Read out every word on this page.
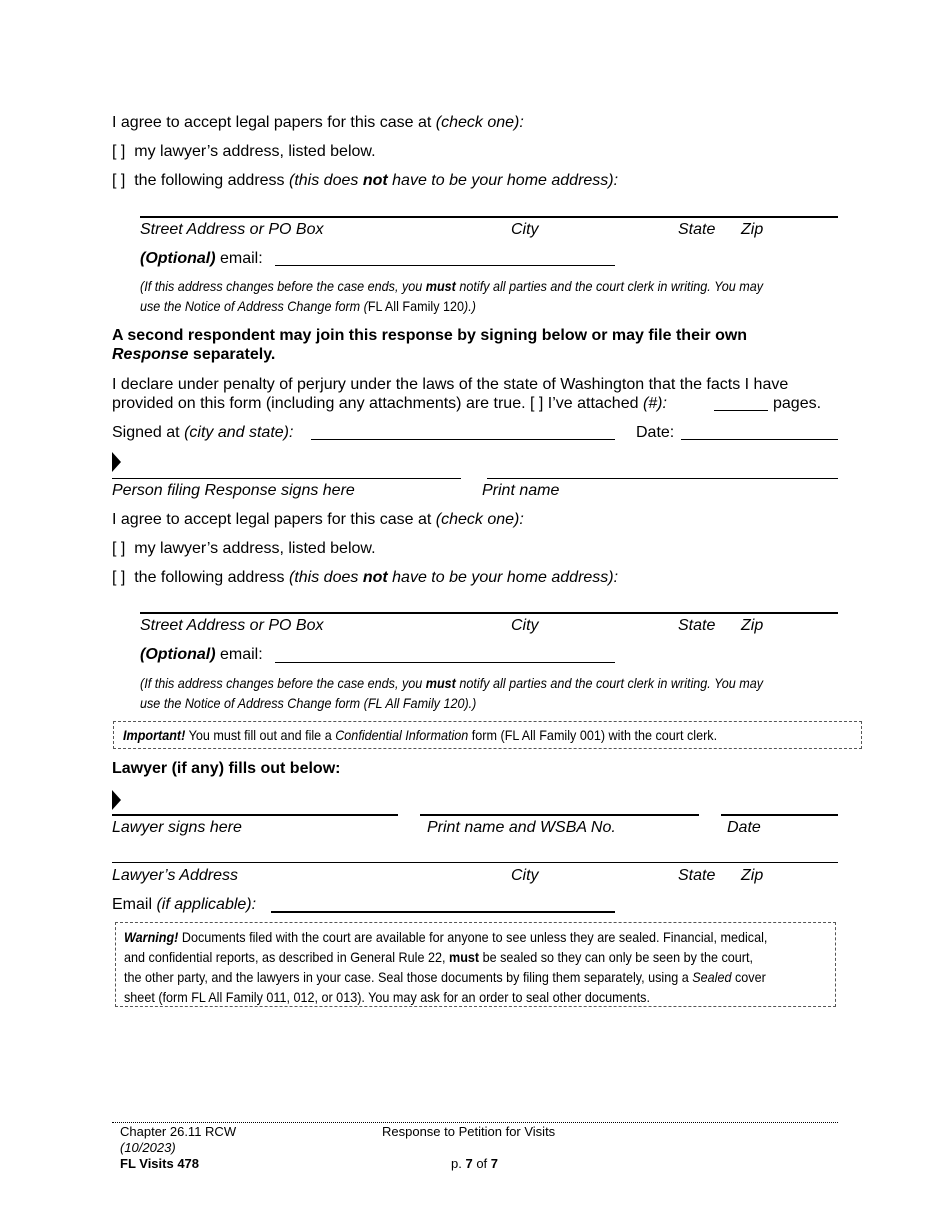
I agree to accept legal papers for this case at (check one):
[ ] my lawyer’s address, listed below.
[ ] the following address (this does not have to be your home address):
Street Address or PO Box	City	State Zip
(Optional) email:
(If this address changes before the case ends, you must notify all parties and the court clerk in writing. You may
use the Notice of Address Change form (FL All Family 120).)
A second respondent may join this response by signing below or may file their own
Response separately.
I declare under penalty of perjury under the laws of the state of Washington that the facts I have
provided on this form (including any attachments) are true. [ ] I’ve attached (#):	pages.
Signed at (city and state):	Date:
Person filing Response signs here	Print name
I agree to accept legal papers for this case at (check one):
[ ] my lawyer’s address, listed below.
[ ] the following address (this does not have to be your home address):
Street Address or PO Box	City	State Zip
(Optional) email:
(If this address changes before the case ends, you must notify all parties and the court clerk in writing. You may
use the Notice of Address Change form (FL All Family 120).)
Important! You must fill out and file a Confidential Information form (FL All Family 001) with the court clerk.
Lawyer (if any) fills out below:
Lawyer signs here	Print name and WSBA No.	Date
Lawyer’s Address	City	State Zip
Email (if applicable):
Warning! Documents filed with the court are available for anyone to see unless they are sealed. Financial, medical,
and confidential reports, as described in General Rule 22, must be sealed so they can only be seen by the court,
the other party, and the lawyers in your case. Seal those documents by filing them separately, using a Sealed cover
sheet (form FL All Family 011, 012, or 013). You may ask for an order to seal other documents.
Chapter 26.11 RCW
(10/2023)
FL Visits 478
Response to Petition for Visits
p. 7 of 7
